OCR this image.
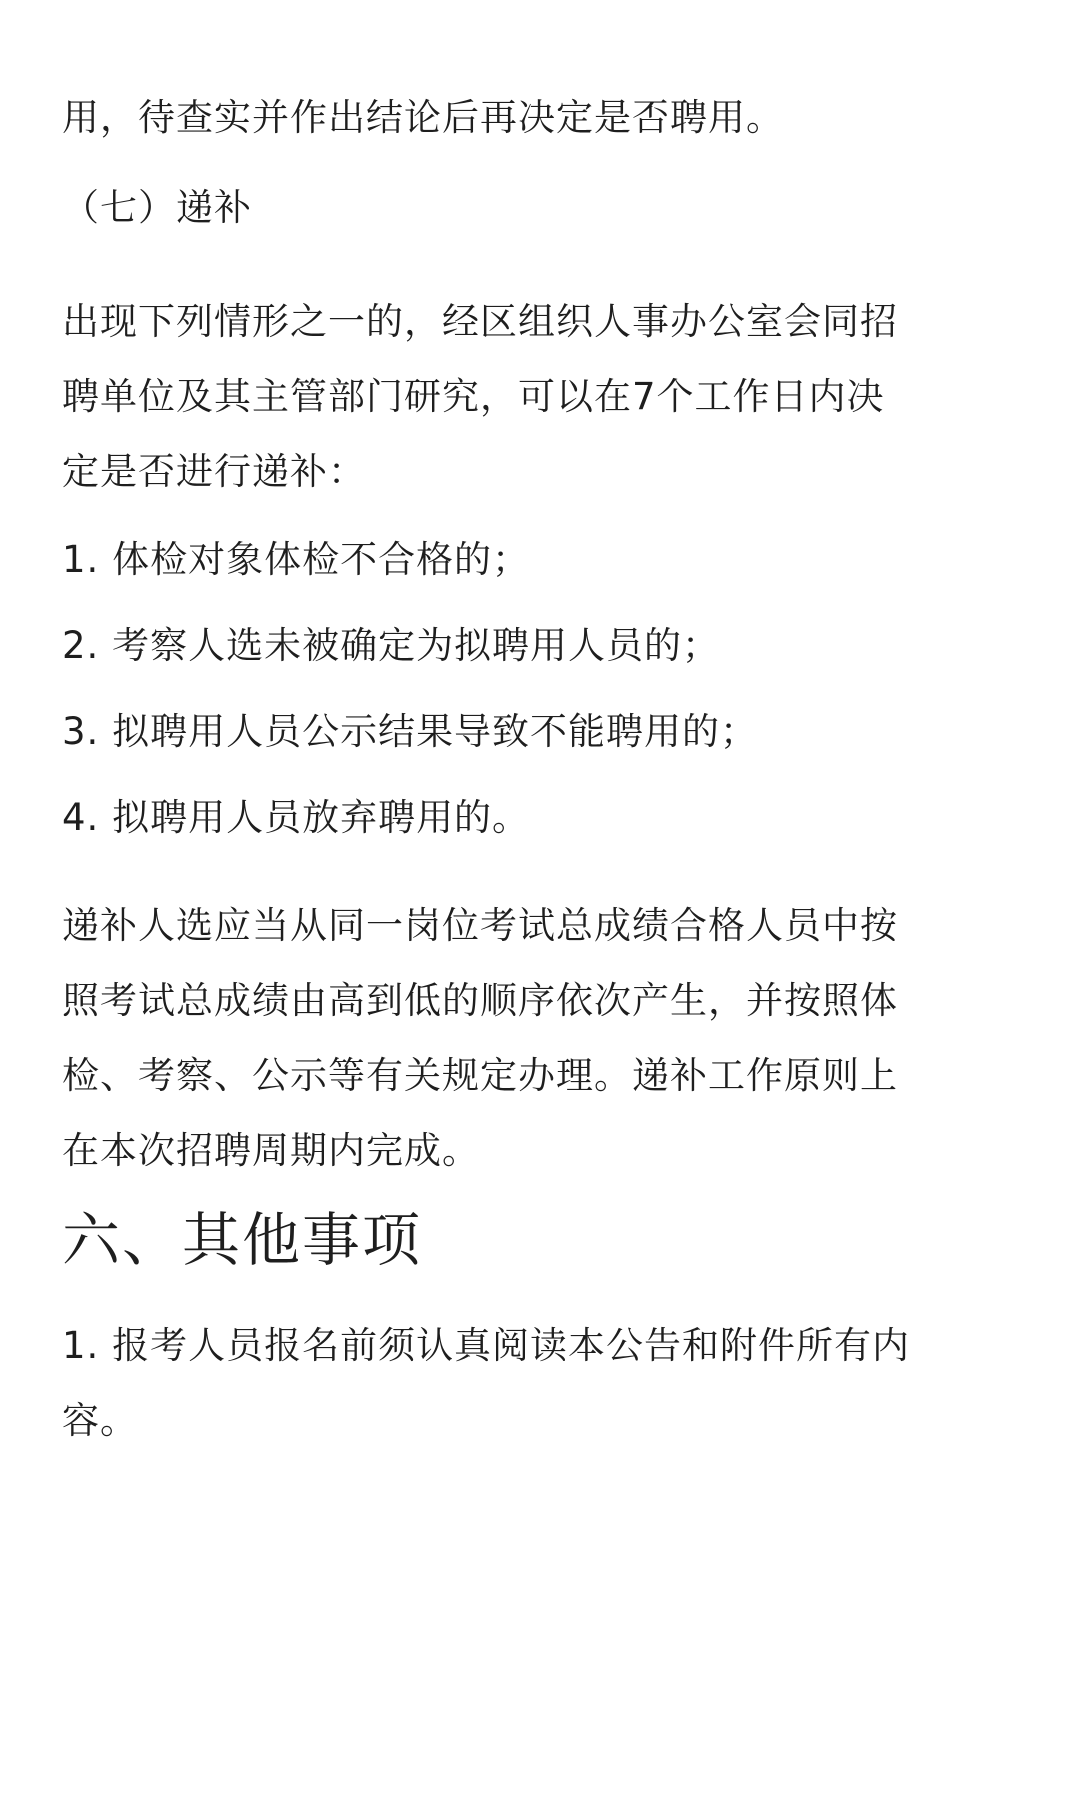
用，待查实并作出结论后再决定是否聘用。

（七）递补

出现下列情形之一的，经区组织人事办公室会同招
聘单位及其主管部门研究，可以在7个工作日内决
定是否进行递补：

1. 体检对象体检不合格的；

2. 考察人选未被确定为拟聘用人员的；

3. 拟聘用人员公示结果导致不能聘用的；

4. 拟聘用人员放弃聘用的。

递补人选应当从同一岗位考试总成绩合格人员中按
照考试总成绩由高到低的顺序依次产生，并按照体
检、考察、公示等有关规定办理。递补工作原则上
在本次招聘周期内完成。
六、其他事项
1. 报考人员报名前须认真阅读本公告和附件所有内
容。
